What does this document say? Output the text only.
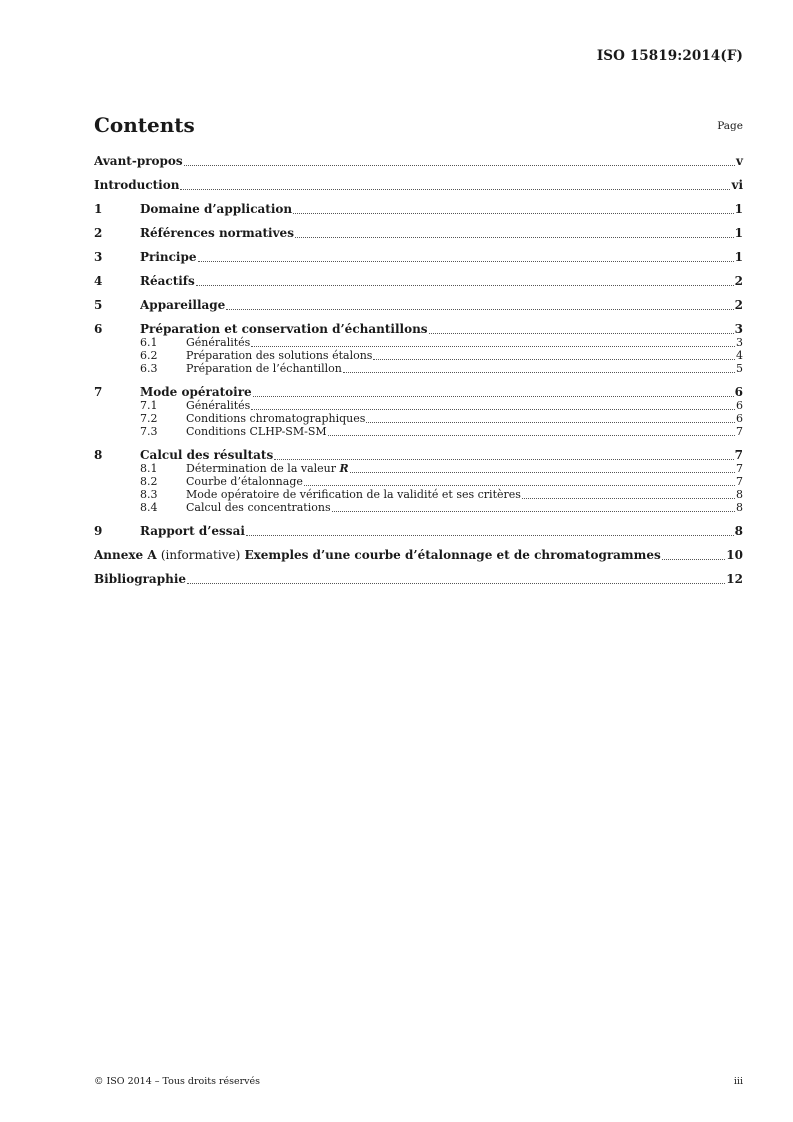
ISO 15819:2014(F)
Contents	Page
Avant-propos	v
Introduction	vi
1	Domaine d’application	1
2	Références normatives	1
3	Principe	1
4	Réactifs	2
5	Appareillage	2
6	Préparation et conservation d’échantillons	3
6.1	Généralités	3
6.2	Préparation des solutions étalons	4
6.3	Préparation de l’échantillon	5
7	Mode opératoire	6
7.1	Généralités	6
7.2	Conditions chromatographiques	6
7.3	Conditions CLHP-SM-SM	7
8	Calcul des résultats	7
8.1	Détermination de la valeur R	7
8.2	Courbe d’étalonnage	7
8.3	Mode opératoire de vérification de la validité et ses critères	8
8.4	Calcul des concentrations	8
9	Rapport d’essai	8
Annexe A (informative) Exemples d’une courbe d’étalonnage et de chromatogrammes	10
Bibliographie	12
© ISO 2014 – Tous droits réservés	iii
